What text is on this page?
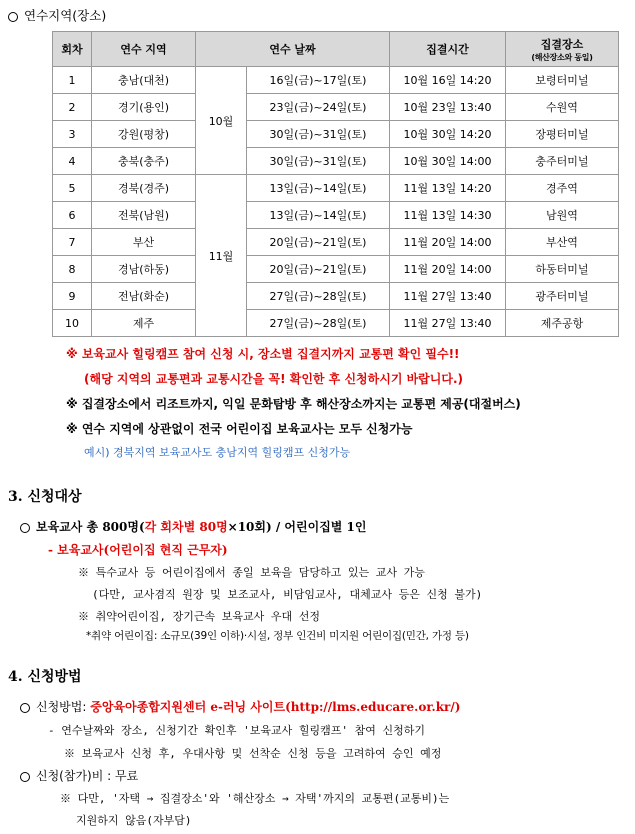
연수지역(장소)
회차	연수 지역	연수 날짜		집결시간	집결장소
(해산장소와 동일)

1	충남(대천)	10월	16일(금)~17일(토)	10월 16일 14:20	보령터미널
2	경기(용인)		23일(금)~24일(토)	10월 23일 13:40	수원역
3	강원(평창)		30일(금)~31일(토)	10월 30일 14:20	장평터미널
4	충북(충주)		30일(금)~31일(토)	10월 30일 14:00	충주터미널
5	경북(경주)	11월	13일(금)~14일(토)	11월 13일 14:20	경주역
6	전북(남원)		13일(금)~14일(토)	11월 13일 14:30	남원역
7	부산		20일(금)~21일(토)	11월 20일 14:00	부산역
8	경남(하동)		20일(금)~21일(토)	11월 20일 14:00	하동터미널
9	전남(화순)		27일(금)~28일(토)	11월 27일 13:40	광주터미널
10	제주		27일(금)~28일(토)	11월 27일 13:40	제주공항
※ 보육교사 힐링캠프 참여 신청 시, 장소별 집결지까지 교통편 확인 필수!!
(해당 지역의 교통편과 교통시간을 꼭! 확인한 후 신청하시기 바랍니다.)
※ 집결장소에서 리조트까지, 익일 문화탐방 후 해산장소까지는 교통편 제공(대절버스)
※ 연수 지역에 상관없이 전국 어린이집 보육교사는 모두 신청가능
예시) 경북지역 보육교사도 충남지역 힐링캠프 신청가능
3. 신청대상
보육교사 총 800명(각 회차별 80명×10회) / 어린이집별 1인
- 보육교사(어린이집 현직 근무자)
※ 특수교사 등 어린이집에서 종일 보육을 담당하고 있는 교사 가능
(다만, 교사겸직 원장 및 보조교사, 비담임교사, 대체교사 등은 신청 불가)
※ 취약어린이집, 장기근속 보육교사 우대 선정
*취약 어린이집: 소규모(39인 이하)·시설, 정부 인건비 미지원 어린이집(민간, 가정 등)
4. 신청방법
신청방법: 중앙육아종합지원센터 e-러닝 사이트(http://lms.educare.or.kr/)
- 연수날짜와 장소, 신청기간 확인후 '보육교사 힐링캠프' 참여 신청하기
※ 보육교사 신청 후, 우대사항 및 선착순 신청 등을 고려하여 승인 예정
신청(참가)비 : 무료
※ 다만, '자택 → 집결장소'와 '해산장소 → 자택'까지의 교통편(교통비)는
지원하지 않음(자부담)
